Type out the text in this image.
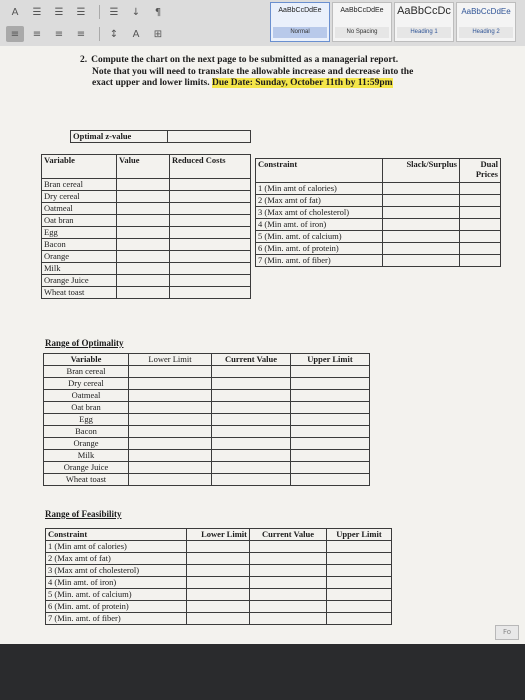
A	☰	☰	☰	☰	↓	¶
≡	≡	≡	≡	↕	A	⊞
AaBbCcDdEe
Normal
AaBbCcDdEe
No Spacing
AaBbCcDc
Heading 1
AaBbCcDdEe
Heading 2
2. Compute the chart on the next page to be submitted as a managerial report.
Note that you will need to translate the allowable increase and decrease into the
exact upper and lower limits. Due Date: Sunday, October 11th by 11:59pm
Optimal z-value	
Variable	Value	Reduced Costs
Bran cereal		
Dry cereal		
Oatmeal		
Oat bran		
Egg		
Bacon		
Orange		
Milk		
Orange Juice		
Wheat toast		
Constraint	Slack/Surplus	Dual Prices
1 (Min amt of calories)		
2 (Max amt of fat)		
3 (Max amt of cholesterol)		
4 (Min amt. of iron)		
5 (Min. amt. of calcium)		
6 (Min. amt. of protein)		
7 (Min. amt. of fiber)		
Range of Optimality
Variable	Lower Limit	Current Value	Upper Limit
Bran cereal			
Dry cereal			
Oatmeal			
Oat bran			
Egg			
Bacon			
Orange			
Milk			
Orange Juice			
Wheat toast			
Range of Feasibility
Constraint	Lower Limit	Current Value	Upper Limit
1 (Min amt of calories)			
2 (Max amt of fat)			
3 (Max amt of cholesterol)			
4 (Min amt. of iron)			
5 (Min. amt. of calcium)			
6 (Min. amt. of protein)			
7 (Min. amt. of fiber)			
Fo
